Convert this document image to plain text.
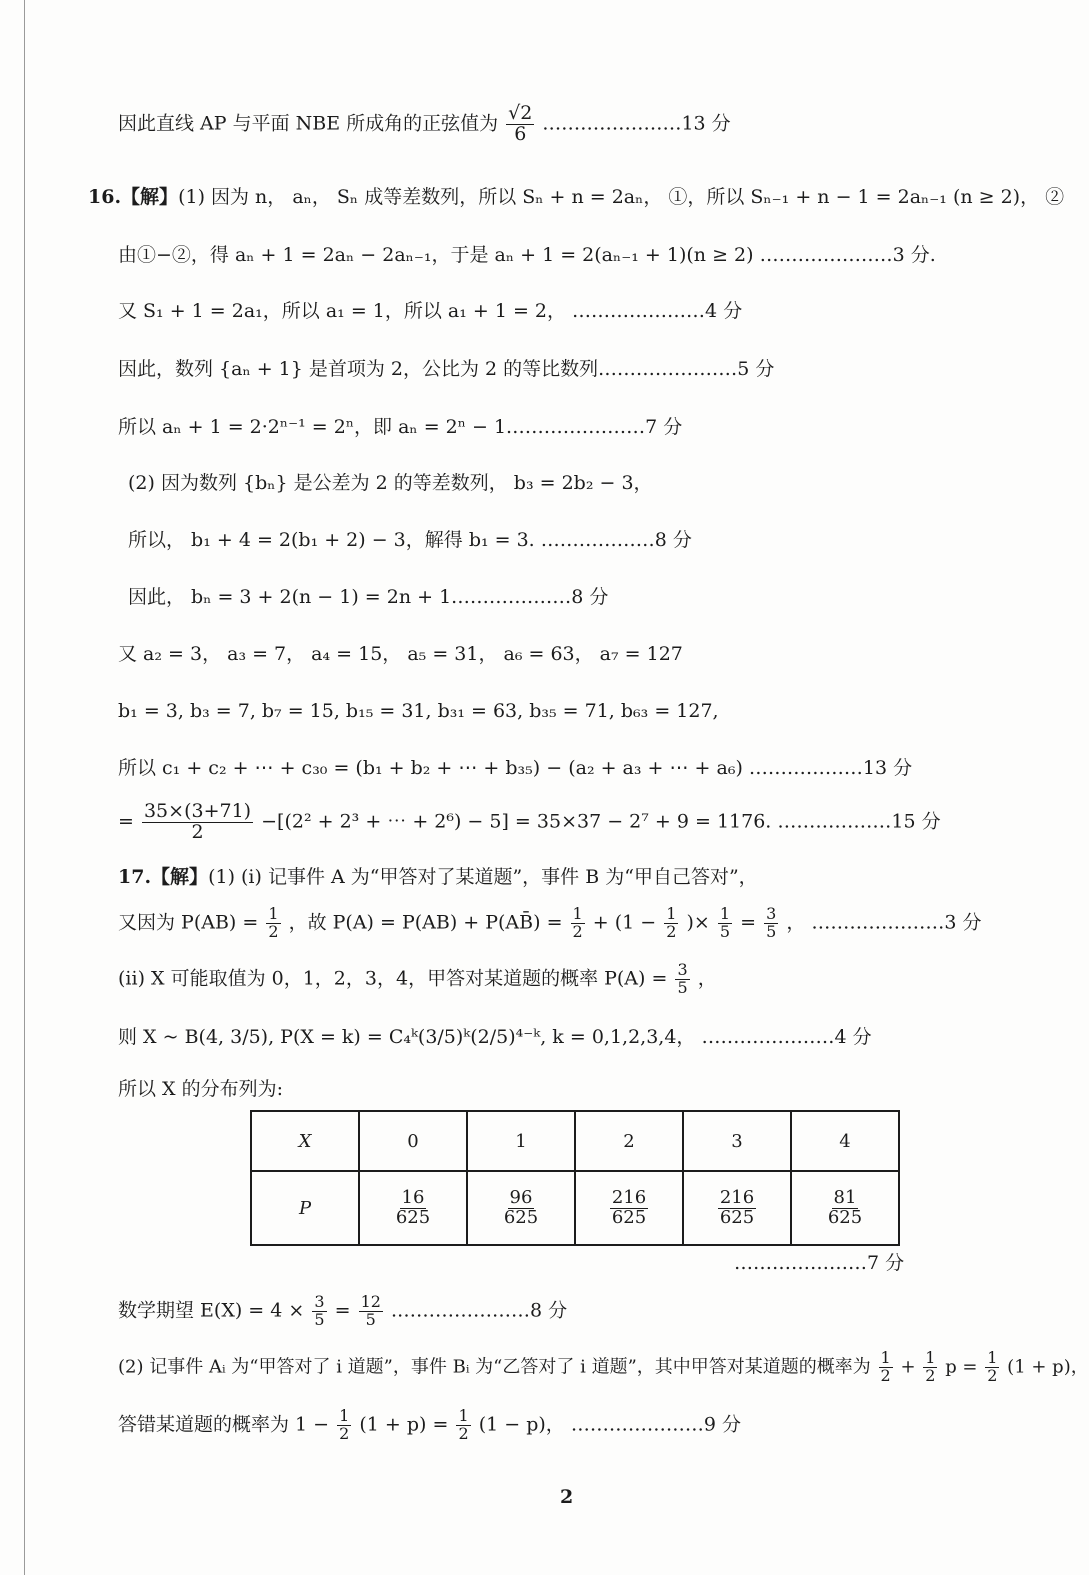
因此直线 AP 与平面 NBE 所成角的正弦值为 $\frac{√2}{6}$ .…………………13 分
16.【解】(1) 因为 n， aₙ， Sₙ 成等差数列，所以 Sₙ + n = 2aₙ， ①，所以 Sₙ₋₁ + n − 1 = 2aₙ₋₁ (n ≥ 2)， ②
由①−②，得 aₙ + 1 = 2aₙ − 2aₙ₋₁，于是 aₙ + 1 = 2(aₙ₋₁ + 1)(n ≥ 2) …………………3 分.
又 S₁ + 1 = 2a₁，所以 a₁ = 1，所以 a₁ + 1 = 2， …………………4 分
因此，数列 {aₙ + 1} 是首项为 2，公比为 2 的等比数列.…………………5 分
所以 aₙ + 1 = 2·2ⁿ⁻¹ = 2ⁿ，即 aₙ = 2ⁿ − 1.…………………7 分
(2) 因为数列 {bₙ} 是公差为 2 的等差数列， b₃ = 2b₂ − 3，
所以， b₁ + 4 = 2(b₁ + 2) − 3，解得 b₁ = 3. ………………8 分
因此， bₙ = 3 + 2(n − 1) = 2n + 1.………………8 分
又 a₂ = 3， a₃ = 7， a₄ = 15， a₅ = 31， a₆ = 63， a₇ = 127
b₁ = 3, b₃ = 7, b₇ = 15, b₁₅ = 31, b₃₁ = 63, b₃₅ = 71, b₆₃ = 127,
所以 c₁ + c₂ + ⋯ + c₃₀ = (b₁ + b₂ + ⋯ + b₃₅) − (a₂ + a₃ + ⋯ + a₆) ………………13 分
= $\frac{35\times(3+71)}{2} -[(2^2 + 2^3$ + ⋯ + 2⁶) − 5] = 35×37 − 2⁷ + 9 = 1176. ………………15 分
17.【解】(1) (i) 记事件 A 为“甲答对了某道题”，事件 B 为“甲自己答对”，
又因为 $P(AB) = \frac{1}{2}$ ，故 P(A) = P(AB) + P(AB̄) = $\frac{1}{2} + (1 - \frac{1}{2}$ )× $\frac{1}{5} = \frac{3}{5}$ ， …………………3 分
(ii) X 可能取值为 0，1，2，3，4，甲答对某道题的概率 $P(A) = \frac{3}{5}$ ，
则 X ~ B(4, 3/5), P(X = k) = C₄ᵏ(3/5)ᵏ(2/5)⁴⁻ᵏ, k = 0,1,2,3,4， …………………4 分
所以 X 的分布列为:
X	0	1	2	3	4
P	$\frac{16}{625}$	$\frac{96}{625}$	$\frac{216}{625}$	$\frac{216}{625}$	$\frac{81}{625}$
…………………7 分
数学期望 $E(X) = 4 \times \frac{3}{5} = \frac{12}{5}$ .…………………8 分
(2) 记事件 Aᵢ 为“甲答对了 i 道题”，事件 Bᵢ 为“乙答对了 i 道题”，其中甲答对某道题的概率为 $\frac{1}{2} + \frac{1}{2}$ $p = \frac{1}{2} (1 + p)$，
答错某道题的概率为 $1 - \frac{1}{2} (1 + p) = \frac{1}{2} (1 - p)$， …………………9 分
2
